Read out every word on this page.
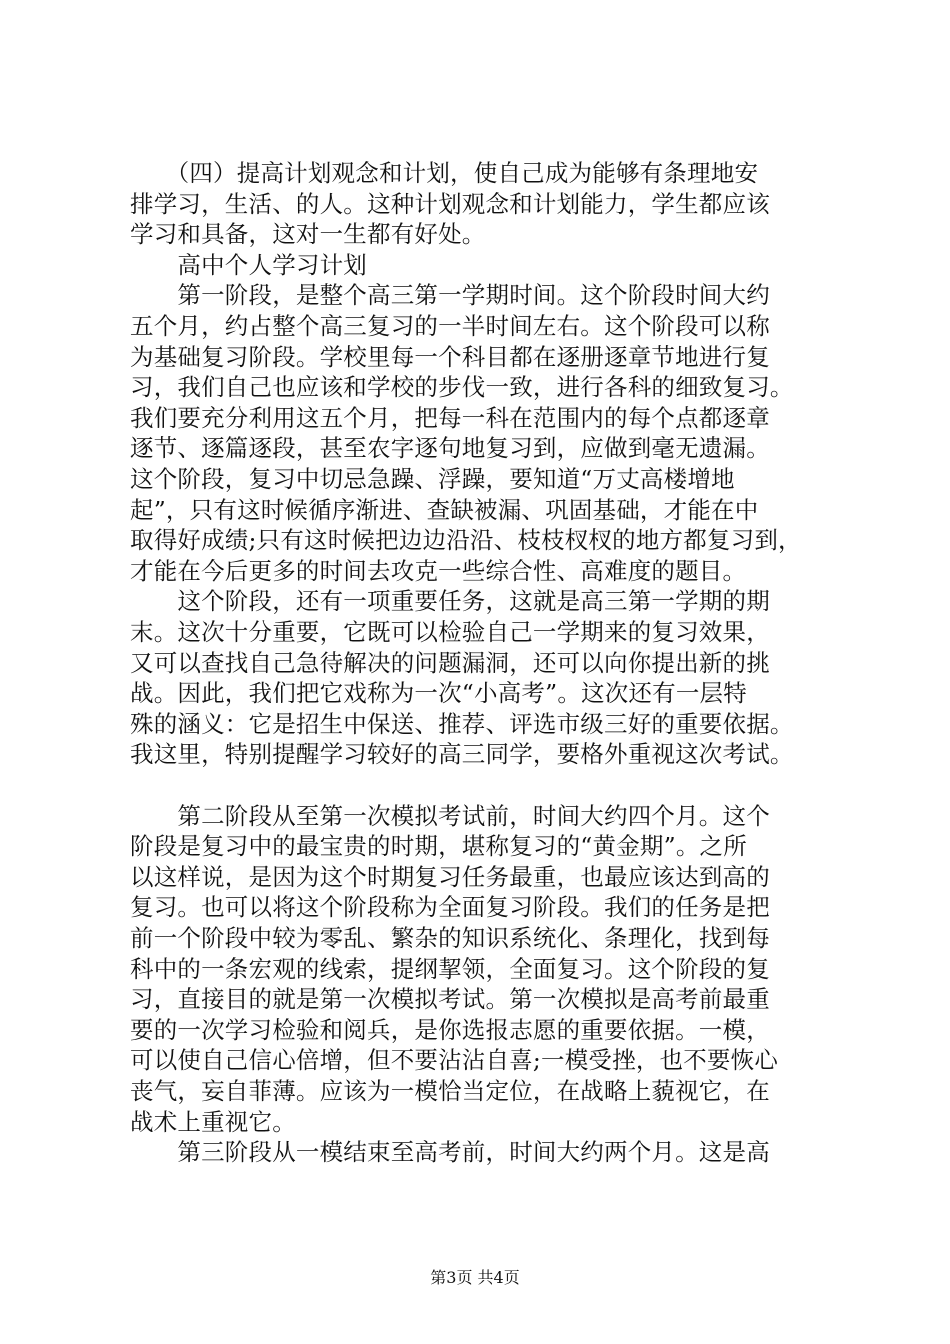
　　（四）提高计划观念和计划，使自己成为能够有条理地安
排学习，生活、的人。这种计划观念和计划能力，学生都应该
学习和具备，这对一生都有好处。
　　高中个人学习计划
　　第一阶段，是整个高三第一学期时间。这个阶段时间大约
五个月，约占整个高三复习的一半时间左右。这个阶段可以称
为基础复习阶段。学校里每一个科目都在逐册逐章节地进行复
习，我们自己也应该和学校的步伐一致，进行各科的细致复习。
我们要充分利用这五个月，把每一科在范围内的每个点都逐章
逐节、逐篇逐段，甚至农字逐句地复习到，应做到毫无遗漏。
这个阶段，复习中切忌急躁、浮躁，要知道“万丈高楼增地
起”，只有这时候循序渐进、查缺被漏、巩固基础，才能在中
取得好成绩;只有这时候把边边沿沿、枝枝杈杈的地方都复习到，
才能在今后更多的时间去攻克一些综合性、高难度的题目。
　　这个阶段，还有一项重要任务，这就是高三第一学期的期
末。这次十分重要，它既可以检验自己一学期来的复习效果，
又可以查找自己急待解决的问题漏洞，还可以向你提出新的挑
战。因此，我们把它戏称为一次“小高考”。这次还有一层特
殊的涵义：它是招生中保送、推荐、评选市级三好的重要依据。
我这里，特别提醒学习较好的高三同学，要格外重视这次考试。
　　第二阶段从至第一次模拟考试前，时间大约四个月。这个
阶段是复习中的最宝贵的时期，堪称复习的“黄金期”。之所
以这样说，是因为这个时期复习任务最重，也最应该达到高的
复习。也可以将这个阶段称为全面复习阶段。我们的任务是把
前一个阶段中较为零乱、繁杂的知识系统化、条理化，找到每
科中的一条宏观的线索，提纲挈领，全面复习。这个阶段的复
习，直接目的就是第一次模拟考试。第一次模拟是高考前最重
要的一次学习检验和阅兵，是你选报志愿的重要依据。一模，
可以使自己信心倍增，但不要沾沾自喜;一模受挫，也不要恢心
丧气，妄自菲薄。应该为一模恰当定位，在战略上藐视它，在
战术上重视它。
　　第三阶段从一模结束至高考前，时间大约两个月。这是高
第3页 共4页
